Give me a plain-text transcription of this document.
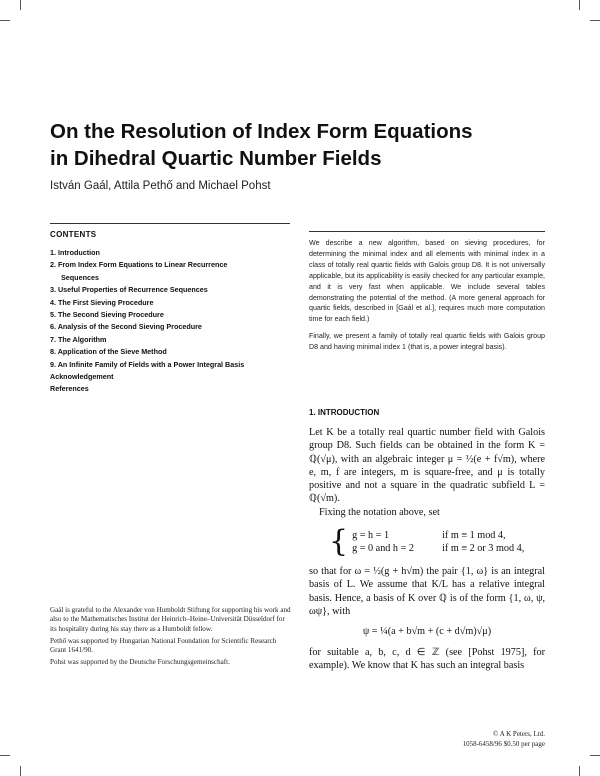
On the Resolution of Index Form Equations
in Dihedral Quartic Number Fields

István Gaál, Attila Pethő and Michael Pohst

CONTENTS

1. Introduction
2. From Index Form Equations to Linear Recurrence
Sequences
3. Useful Properties of Recurrence Sequences
4. The First Sieving Procedure
5. The Second Sieving Procedure
6. Analysis of the Second Sieving Procedure
7. The Algorithm
8. Application of the Sieve Method
9. An Infinite Family of Fields with a Power Integral Basis
Acknowledgement
References

We describe a new algorithm, based on sieving procedures, for determining the minimal index and all elements with minimal index in a class of totally real quartic fields with Galois group D8. It is not universally applicable, but its applicability is easily checked for any particular example, and it is very fast when applicable. We include several tables demonstrating the potential of the method. (A more general approach for quartic fields, described in [Gaál et al.], requires much more computation time for each field.)

Finally, we present a family of totally real quartic fields with Galois group D8 and having minimal index 1 (that is, a power integral basis).

1. INTRODUCTION

Let K be a totally real quartic number field with Galois group D8. Such fields can be obtained in the form K = ℚ(√μ), with an algebraic integer μ = ½(e + f√m), where e, m, f are integers, m is square-free, and μ is totally positive and not a square in the quadratic subfield L = ℚ(√m).

Fixing the notation above, set

{ g = h = 1	if m ≡ 1 mod 4,
g = 0 and h = 2	if m ≡ 2 or 3 mod 4,

so that for ω = ½(g + h√m) the pair {1, ω} is an integral basis of L. We assume that K/L has a relative integral basis. Hence, a basis of K over ℚ is of the form {1, ω, ψ, ωψ}, with

ψ = ¼(a + b√m + (c + d√m)√μ)

for suitable a, b, c, d ∈ ℤ (see [Pohst 1975], for example). We know that K has such an integral basis

Gaál is grateful to the Alexander von Humboldt Stiftung for supporting his work and also to the Mathematisches Institut der Heinrich–Heine–Universität Düsseldorf for its hospitality during his stay there as a Humboldt fellow.

Pethő was supported by Hungarian National Foundation for Scientific Research Grant 1641/90.

Pohst was supported by the Deutsche Forschungsgemeinschaft.

© A K Peters, Ltd.
1058-6458/96 $0.50 per page
